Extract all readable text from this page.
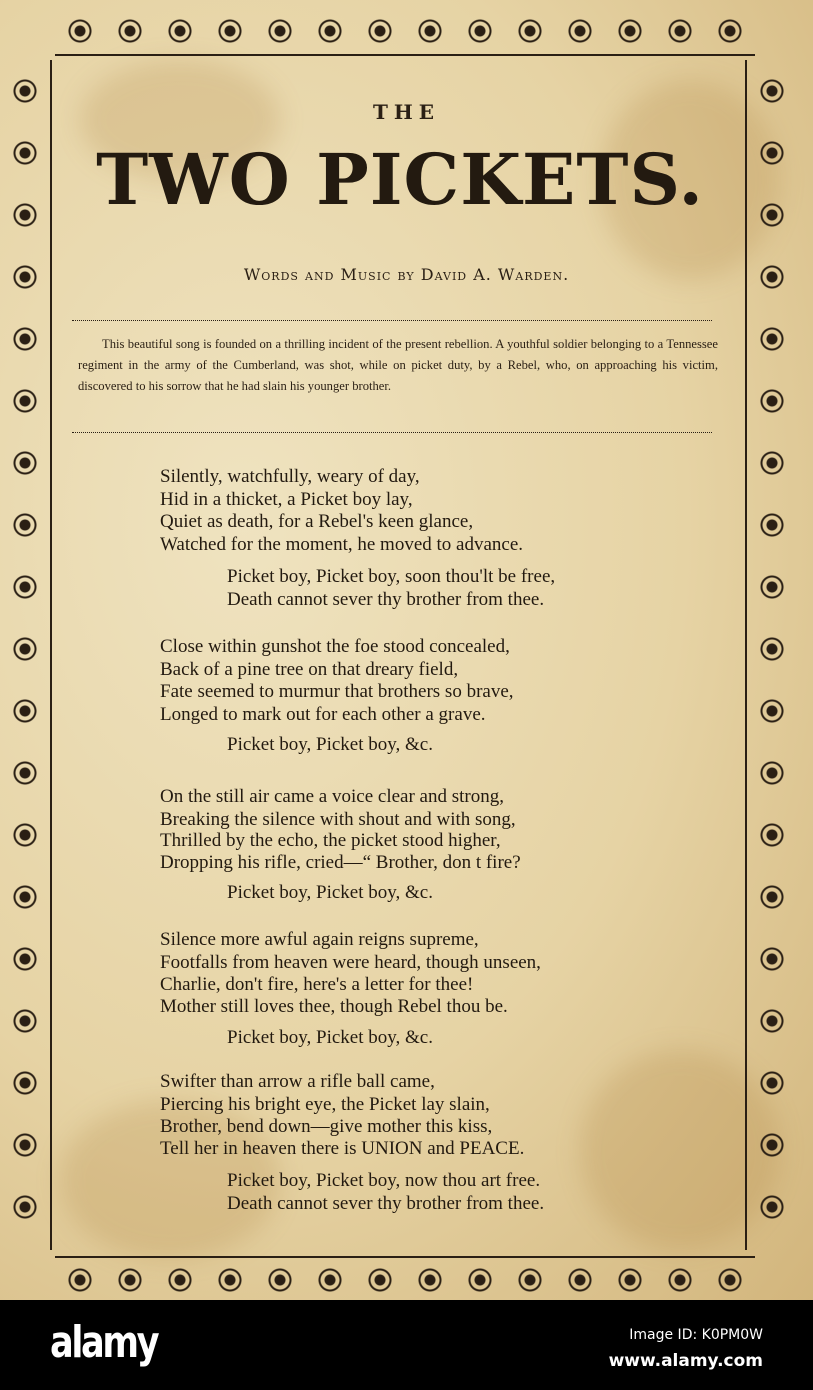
THE
TWO PICKETS.
Words and Music by David A. Warden.
This beautiful song is founded on a thrilling incident of the present rebellion. A youthful soldier belonging to a Tennessee regiment in the army of the Cumberland, was shot, while on picket duty, by a Rebel, who, on approaching his victim, discovered to his sorrow that he had slain his younger brother.
Silently, watchfully, weary of day,
Hid in a thicket, a Picket boy lay,
Quiet as death, for a Rebel's keen glance,
Watched for the moment, he moved to advance.
Picket boy, Picket boy, soon thou'lt be free,
Death cannot sever thy brother from thee.
Close within gunshot the foe stood concealed,
Back of a pine tree on that dreary field,
Fate seemed to murmur that brothers so brave,
Longed to mark out for each other a grave.
Picket boy, Picket boy, &c.
On the still air came a voice clear and strong,
Breaking the silence with shout and with song,
Thrilled by the echo, the picket stood higher,
Dropping his rifle, cried—“ Brother, don t fire?
Picket boy, Picket boy, &c.
Silence more awful again reigns supreme,
Footfalls from heaven were heard, though unseen,
Charlie, don't fire, here's a letter for thee!
Mother still loves thee, though Rebel thou be.
Picket boy, Picket boy, &c.
Swifter than arrow a rifle ball came,
Piercing his bright eye, the Picket lay slain,
Brother, bend down—give mother this kiss,
Tell her in heaven there is UNION and PEACE.
Picket boy, Picket boy, now thou art free.
Death cannot sever thy brother from thee.
alamy	Image ID: K0PM0W
www.alamy.com
